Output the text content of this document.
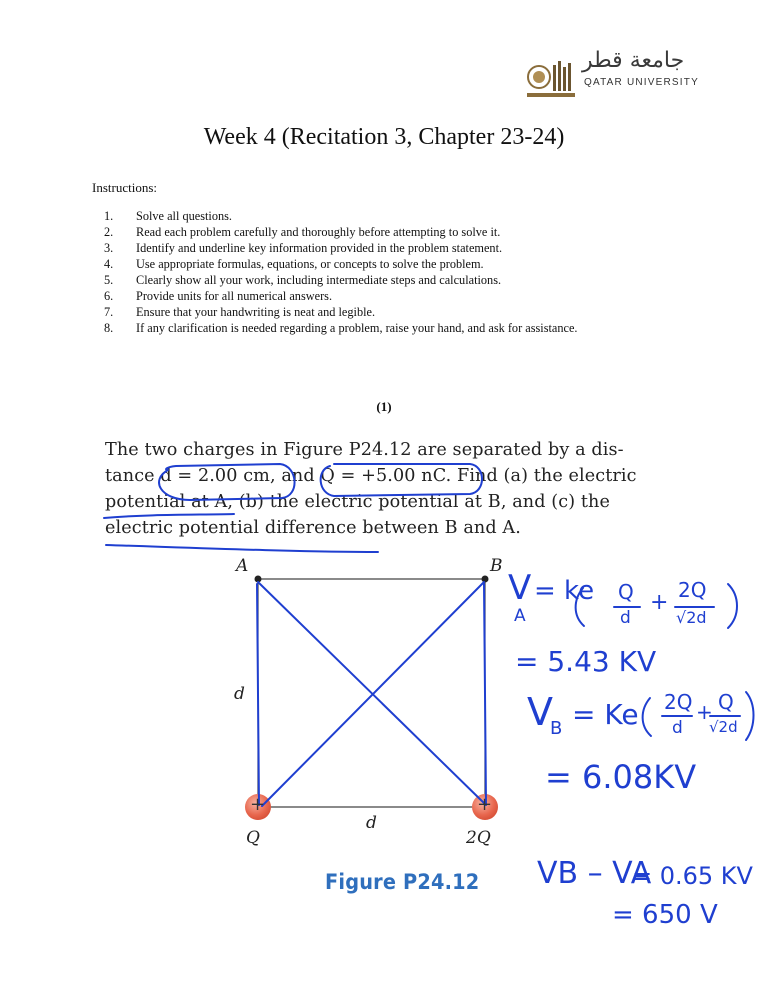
جامعة قطر
QATAR UNIVERSITY
Week 4 (Recitation 3, Chapter 23-24)
Instructions:
1. Solve all questions.
2. Read each problem carefully and thoroughly before attempting to solve it.
3. Identify and underline key information provided in the problem statement.
4. Use appropriate formulas, equations, or concepts to solve the problem.
5. Clearly show all your work, including intermediate steps and calculations.
6. Provide units for all numerical answers.
7. Ensure that your handwriting is neat and legible.
8. If any clarification is needed regarding a problem, raise your hand, and ask for assistance.
(1)
The two charges in Figure P24.12 are separated by a dis-
tance d = 2.00 cm, and Q = +5.00 nC. Find (a) the electric
potential at A, (b) the electric potential at B, and (c) the
electric potential difference between B and A.
A	B
d
d
Q	2Q
+	+
Figure P24.12
V
A
= ke Q
d
+ 2Q
√2d
= 5.43 KV
V
B = Ke 2Q
d
+ Q
√2d
= 6.08KV
VB – VA
= 0.65 KV
= 650 V
